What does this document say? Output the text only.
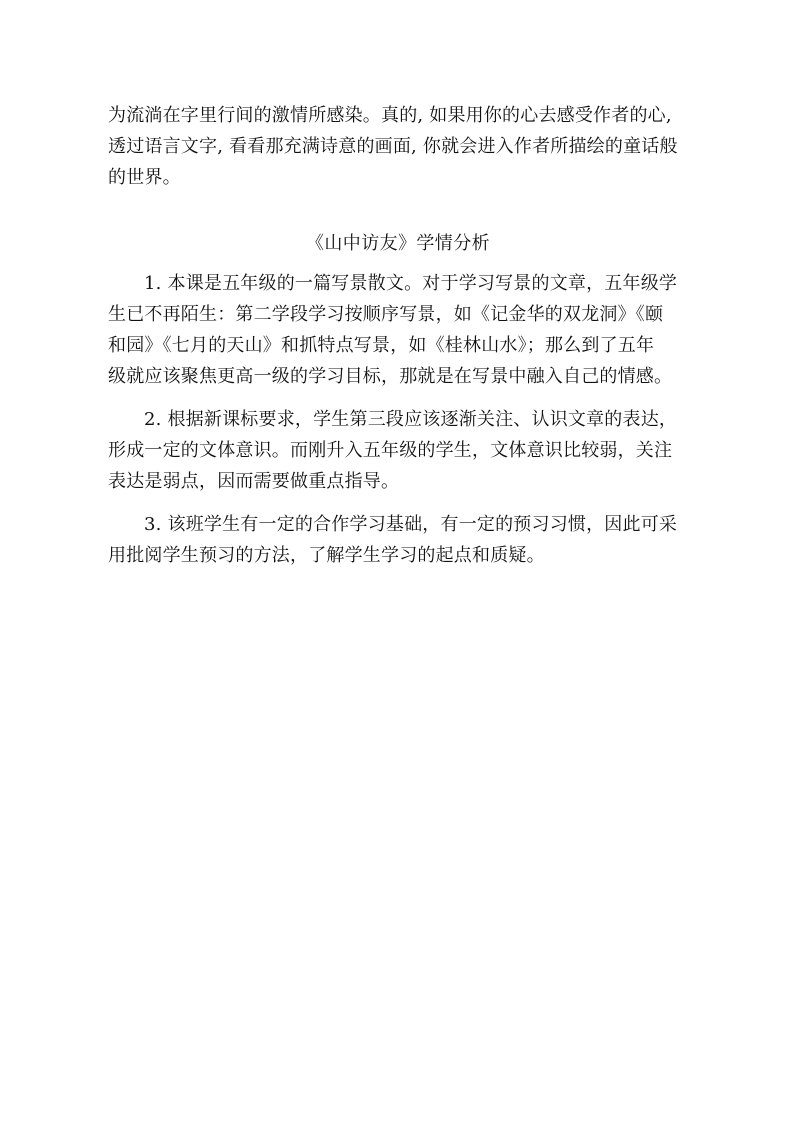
为流淌在字里行间的激情所感染。真的, 如果用你的心去感受作者的心,
透过语言文字, 看看那充满诗意的画面, 你就会进入作者所描绘的童话般
的世界。
《山中访友》学情分析
1. 本课是五年级的一篇写景散文。对于学习写景的文章，五年级学
生已不再陌生：第二学段学习按顺序写景，如《记金华的双龙洞》《颐
和园》《七月的天山》和抓特点写景，如《桂林山水》；那么到了五年
级就应该聚焦更高一级的学习目标，那就是在写景中融入自己的情感。
2. 根据新课标要求，学生第三段应该逐渐关注、认识文章的表达，
形成一定的文体意识。而刚升入五年级的学生，文体意识比较弱，关注
表达是弱点，因而需要做重点指导。
3. 该班学生有一定的合作学习基础，有一定的预习习惯，因此可采
用批阅学生预习的方法，了解学生学习的起点和质疑。
